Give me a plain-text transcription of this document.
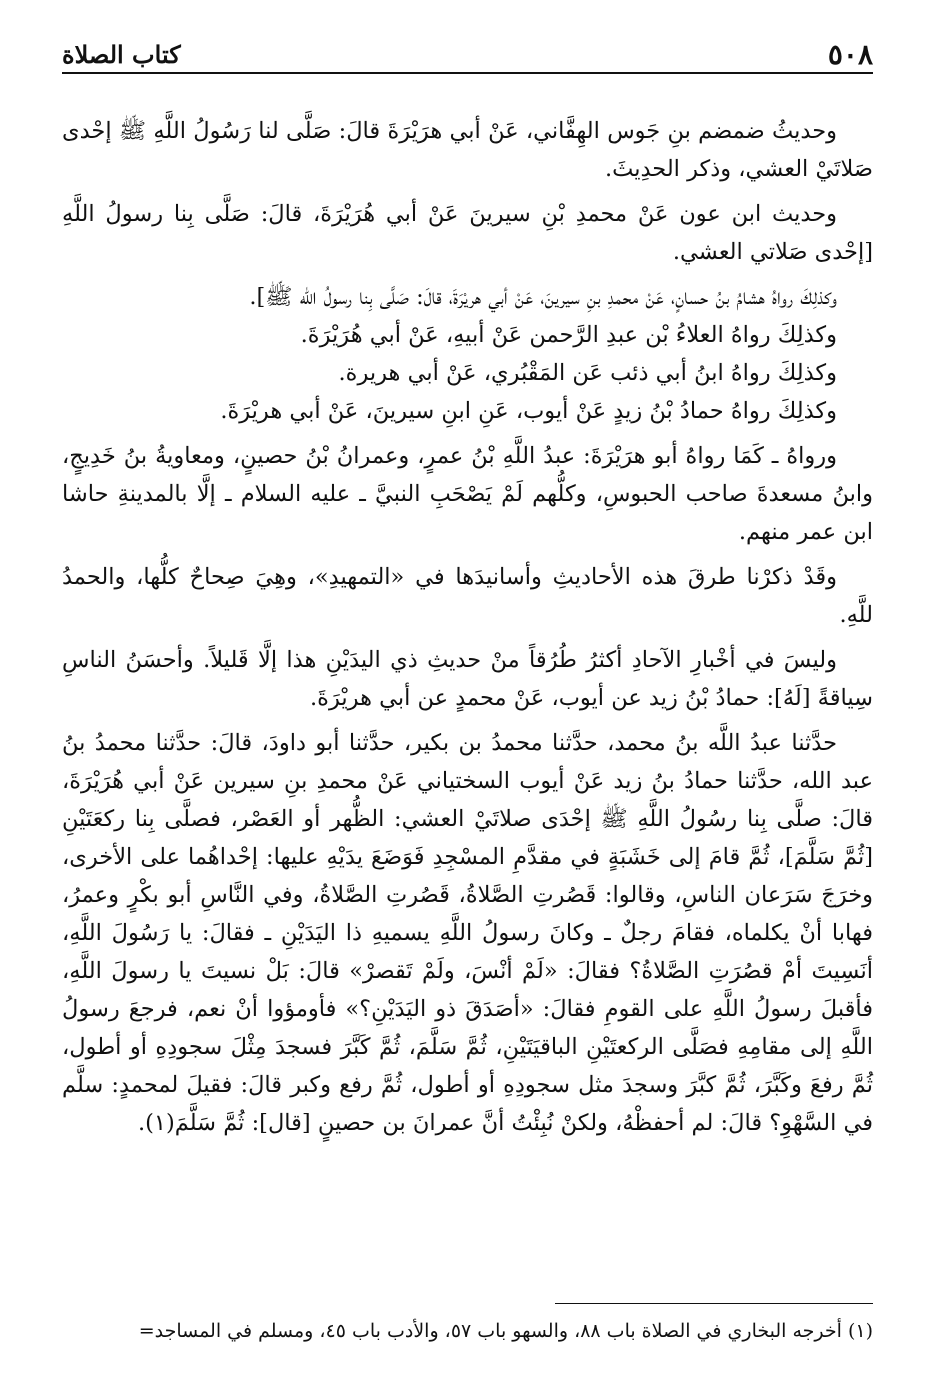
٥٠٨
كتاب الصلاة

وحديثُ ضمضم بنِ جَوس الهِفَّاني، عَنْ أبي هرَيْرَةَ قالَ: صَلَّى لنا رَسُولُ اللَّهِ ﷺ إحْدى صَلاتَيْ العشي، وذكر الحدِيثَ.

وحديث ابن عون عَنْ محمدِ بْنِ سيرينَ عَنْ أبي هُرَيْرَةَ، قالَ: صَلَّى بِنا رسولُ اللَّهِ [إحْدى صَلاتي العشي.

وكذلِكَ رواهُ هشامُ بنُ حسانٍ، عَنْ محمدِ بنِ سيرينَ، عَنْ أبي هريْرَةَ، قالَ: صَلَّى بِنا رسولُ الله ﷺ].

وكذلِكَ رواهُ العلاءُ بْن عبدِ الرَّحمن عَنْ أبيهِ، عَنْ أبي هُرَيْرَةَ.

وكذلِكَ رواهُ ابنُ أبي ذئب عَن المَقْبُري، عَنْ أبي هريرة.

وكذلِكَ رواهُ حمادُ بْنُ زيدٍ عَنْ أيوب، عَنِ ابنِ سيرينَ، عَنْ أبي هريْرَةَ.

ورواهُ ـ كَمَا رواهُ أبو هرَيْرَةَ: عبدُ اللَّهِ بْنُ عمرٍ، وعمرانُ بْنُ حصينٍ، ومعاويةُ بنُ خَدِيجٍ، وابنُ مسعدةَ صاحب الحبوسِ، وكلُّهم لَمْ يَصْحَبِ النبيَّ ـ عليه السلام ـ إلَّا بالمدينةِ حاشا ابن عمر منهم.

وقَدْ ذكرْنا طرقَ هذه الأحاديثِ وأسانيدَها في «التمهيدِ»، وهِيَ صِحاحٌ كلُّها، والحمدُ للَّهِ.

وليسَ في أخْبارِ الآحادِ أكثرُ طُرُقاً منْ حديثِ ذي اليدَيْنِ هذا إلَّا قَليلاً. وأحسَنُ الناسِ سِياقةً [لَهُ]: حمادُ بْنُ زيد عن أيوب، عَنْ محمدٍ عن أبي هريْرَةَ.

حدَّثنا عبدُ اللَّه بنُ محمد، حدَّثنا محمدُ بن بكير، حدَّثنا أبو داودَ، قالَ: حدَّثنا محمدُ بنُ عبد الله، حدَّثنا حمادُ بنُ زيد عَنْ أيوب السختياني عَنْ محمدِ بنِ سيرين عَنْ أبي هُرَيْرَةَ، قالَ: صلَّى بِنا رسُولُ اللَّهِ ﷺ إحْدَى صلاتَيْ العشي: الظُّهر أو العَصْر، فصلَّى بِنا ركعَتَيْنِ [ثُمَّ سَلَّمَ]، ثُمَّ قامَ إلى خَشَبَةٍ في مقدَّمِ المسْجِدِ فَوَضَعَ يدَيْهِ عليها: إحْداهُما على الأخرى، وخرَجَ سَرَعان الناسِ، وقالوا: قَصُرتِ الصَّلاةُ، قَصُرتِ الصَّلاةُ، وفي النَّاسِ أبو بكْرٍ وعمرُ، فهابا أنْ يكلماه، فقامَ رجلٌ ـ وكانَ رسولُ اللَّهِ يسميهِ ذا اليَدَيْنِ ـ فقالَ: يا رَسُولَ اللَّهِ، أنَسِيتَ أمْ قصُرَتِ الصَّلاةُ؟ فقالَ: «لَمْ أنْسَ، ولَمْ تَقصرْ» قالَ: بَلْ نسيتَ يا رسولَ اللَّهِ، فأقبلَ رسولُ اللَّهِ على القومِ فقالَ: «أصَدَقَ ذو اليَدَيْنِ؟» فأومؤوا أنْ نعم، فرجعَ رسولُ اللَّهِ إلى مقامِهِ فصَلَّى الركعتَيْنِ الباقيَتَيْنِ، ثُمَّ سَلَّمَ، ثُمَّ كَبَّرَ فسجدَ مِثْلَ سجودِهِ أو أطول، ثُمَّ رفعَ وكَبَّرَ، ثُمَّ كبَّرَ وسجدَ مثل سجودِهِ أو أطول، ثُمَّ رفع وكبر قالَ: فقيلَ لمحمدٍ: سلَّم في السَّهْوِ؟ قالَ: لم أحفظْهُ، ولكنْ نُبِئْتُ أنَّ عمرانَ بن حصينٍ [قال]: ثُمَّ سَلَّمَ(١).

(١) أخرجه البخاري في الصلاة باب ٨٨، والسهو باب ٥٧، والأدب باب ٤٥، ومسلم في المساجد=
